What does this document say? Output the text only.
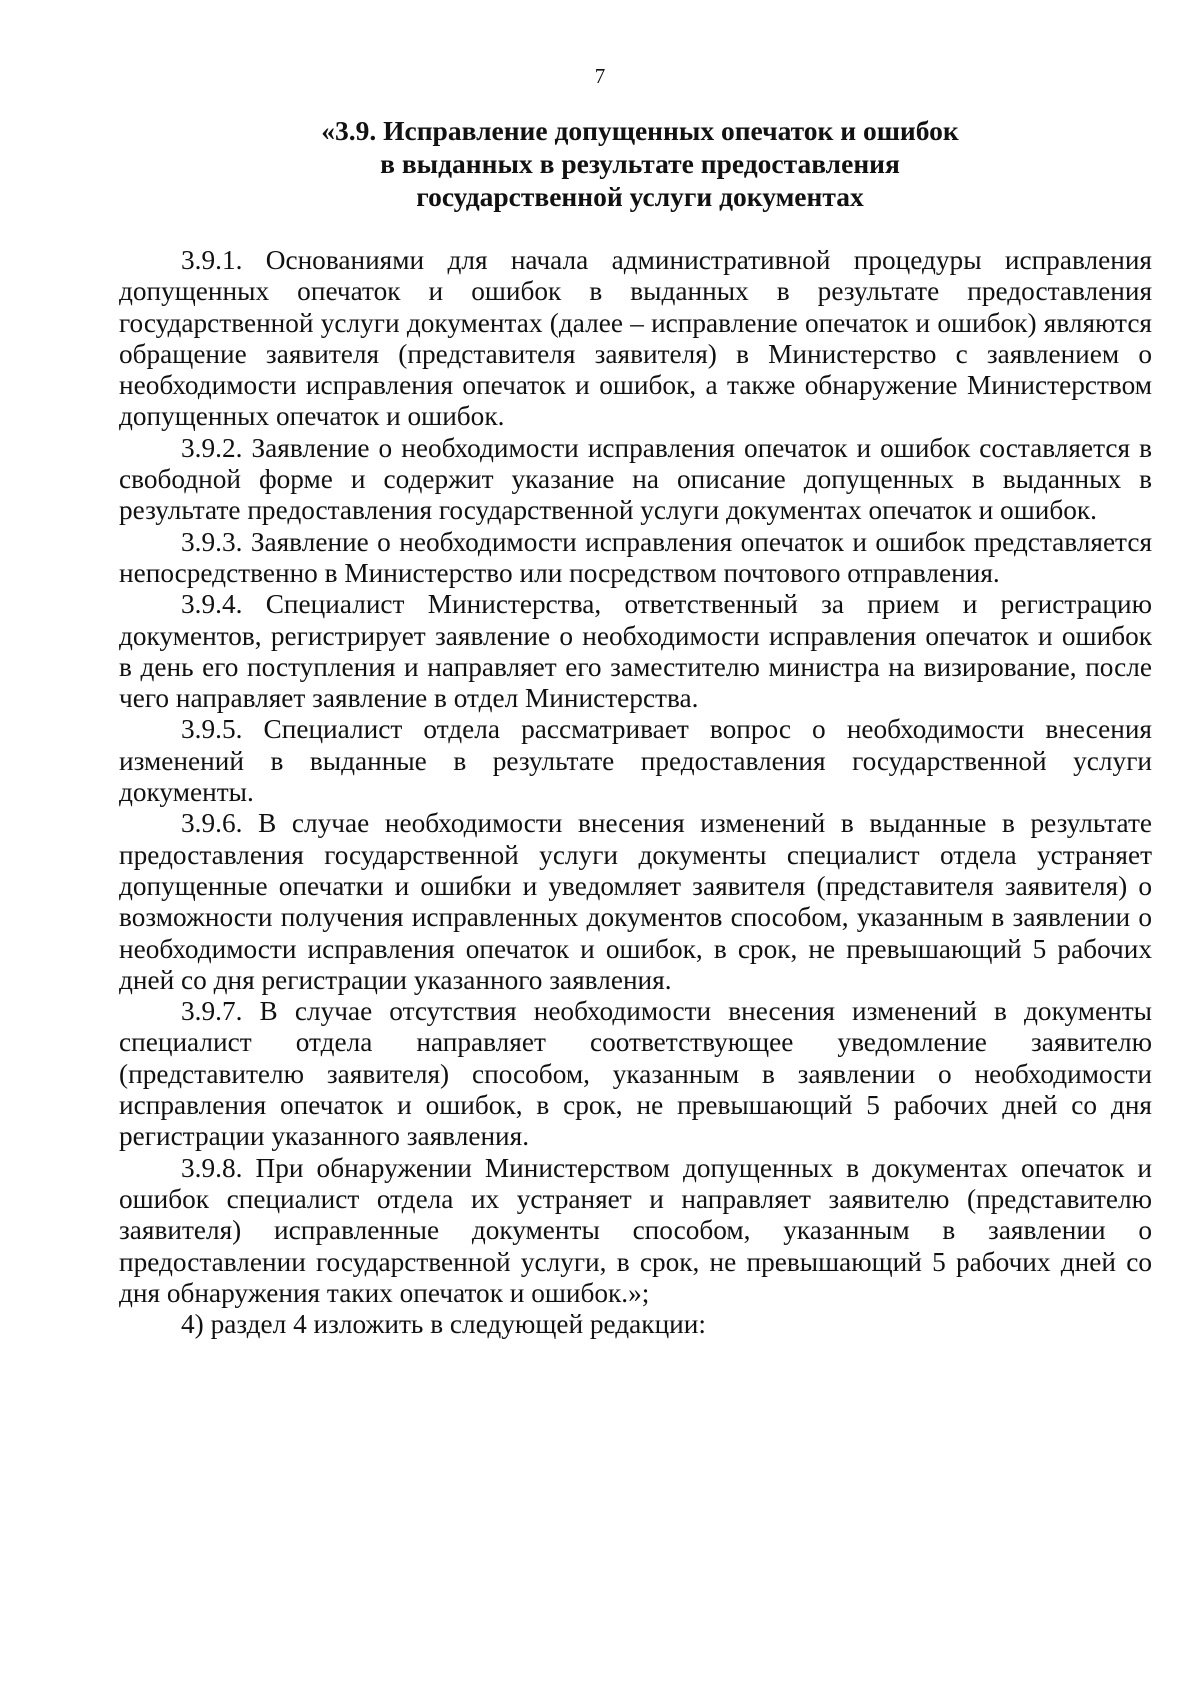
7
«3.9. Исправление допущенных опечаток и ошибок
в выданных в результате предоставления
государственной услуги документах

3.9.1. Основаниями для начала административной процедуры исправления допущенных опечаток и ошибок в выданных в результате предоставления государственной услуги документах (далее – исправление опечаток и ошибок) являются обращение заявителя (представителя заявителя) в Министерство с заявлением о необходимости исправления опечаток и ошибок, а также обнаружение Министерством допущенных опечаток и ошибок.

3.9.2. Заявление о необходимости исправления опечаток и ошибок составляется в свободной форме и содержит указание на описание допущенных в выданных в результате предоставления государственной услуги документах опечаток и ошибок.

3.9.3. Заявление о необходимости исправления опечаток и ошибок представляется непосредственно в Министерство или посредством почтового отправления.

3.9.4. Специалист Министерства, ответственный за прием и регистрацию документов, регистрирует заявление о необходимости исправления опечаток и ошибок в день его поступления и направляет его заместителю министра на визирование, после чего направляет заявление в отдел Министерства.

3.9.5. Специалист отдела рассматривает вопрос о необходимости внесения изменений в выданные в результате предоставления государственной услуги документы.

3.9.6. В случае необходимости внесения изменений в выданные в результате предоставления государственной услуги документы специалист отдела устраняет допущенные опечатки и ошибки и уведомляет заявителя (представителя заявителя) о возможности получения исправленных документов способом, указанным в заявлении о необходимости исправления опечаток и ошибок, в срок, не превышающий 5 рабочих дней со дня регистрации указанного заявления.

3.9.7. В случае отсутствия необходимости внесения изменений в документы специалист отдела направляет соответствующее уведомление заявителю (представителю заявителя) способом, указанным в заявлении о необходимости исправления опечаток и ошибок, в срок, не превышающий 5 рабочих дней со дня регистрации указанного заявления.

3.9.8. При обнаружении Министерством допущенных в документах опечаток и ошибок специалист отдела их устраняет и направляет заявителю (представителю заявителя) исправленные документы способом, указанным в заявлении о предоставлении государственной услуги, в срок, не превышающий 5 рабочих дней со дня обнаружения таких опечаток и ошибок.»;

4) раздел 4 изложить в следующей редакции:
